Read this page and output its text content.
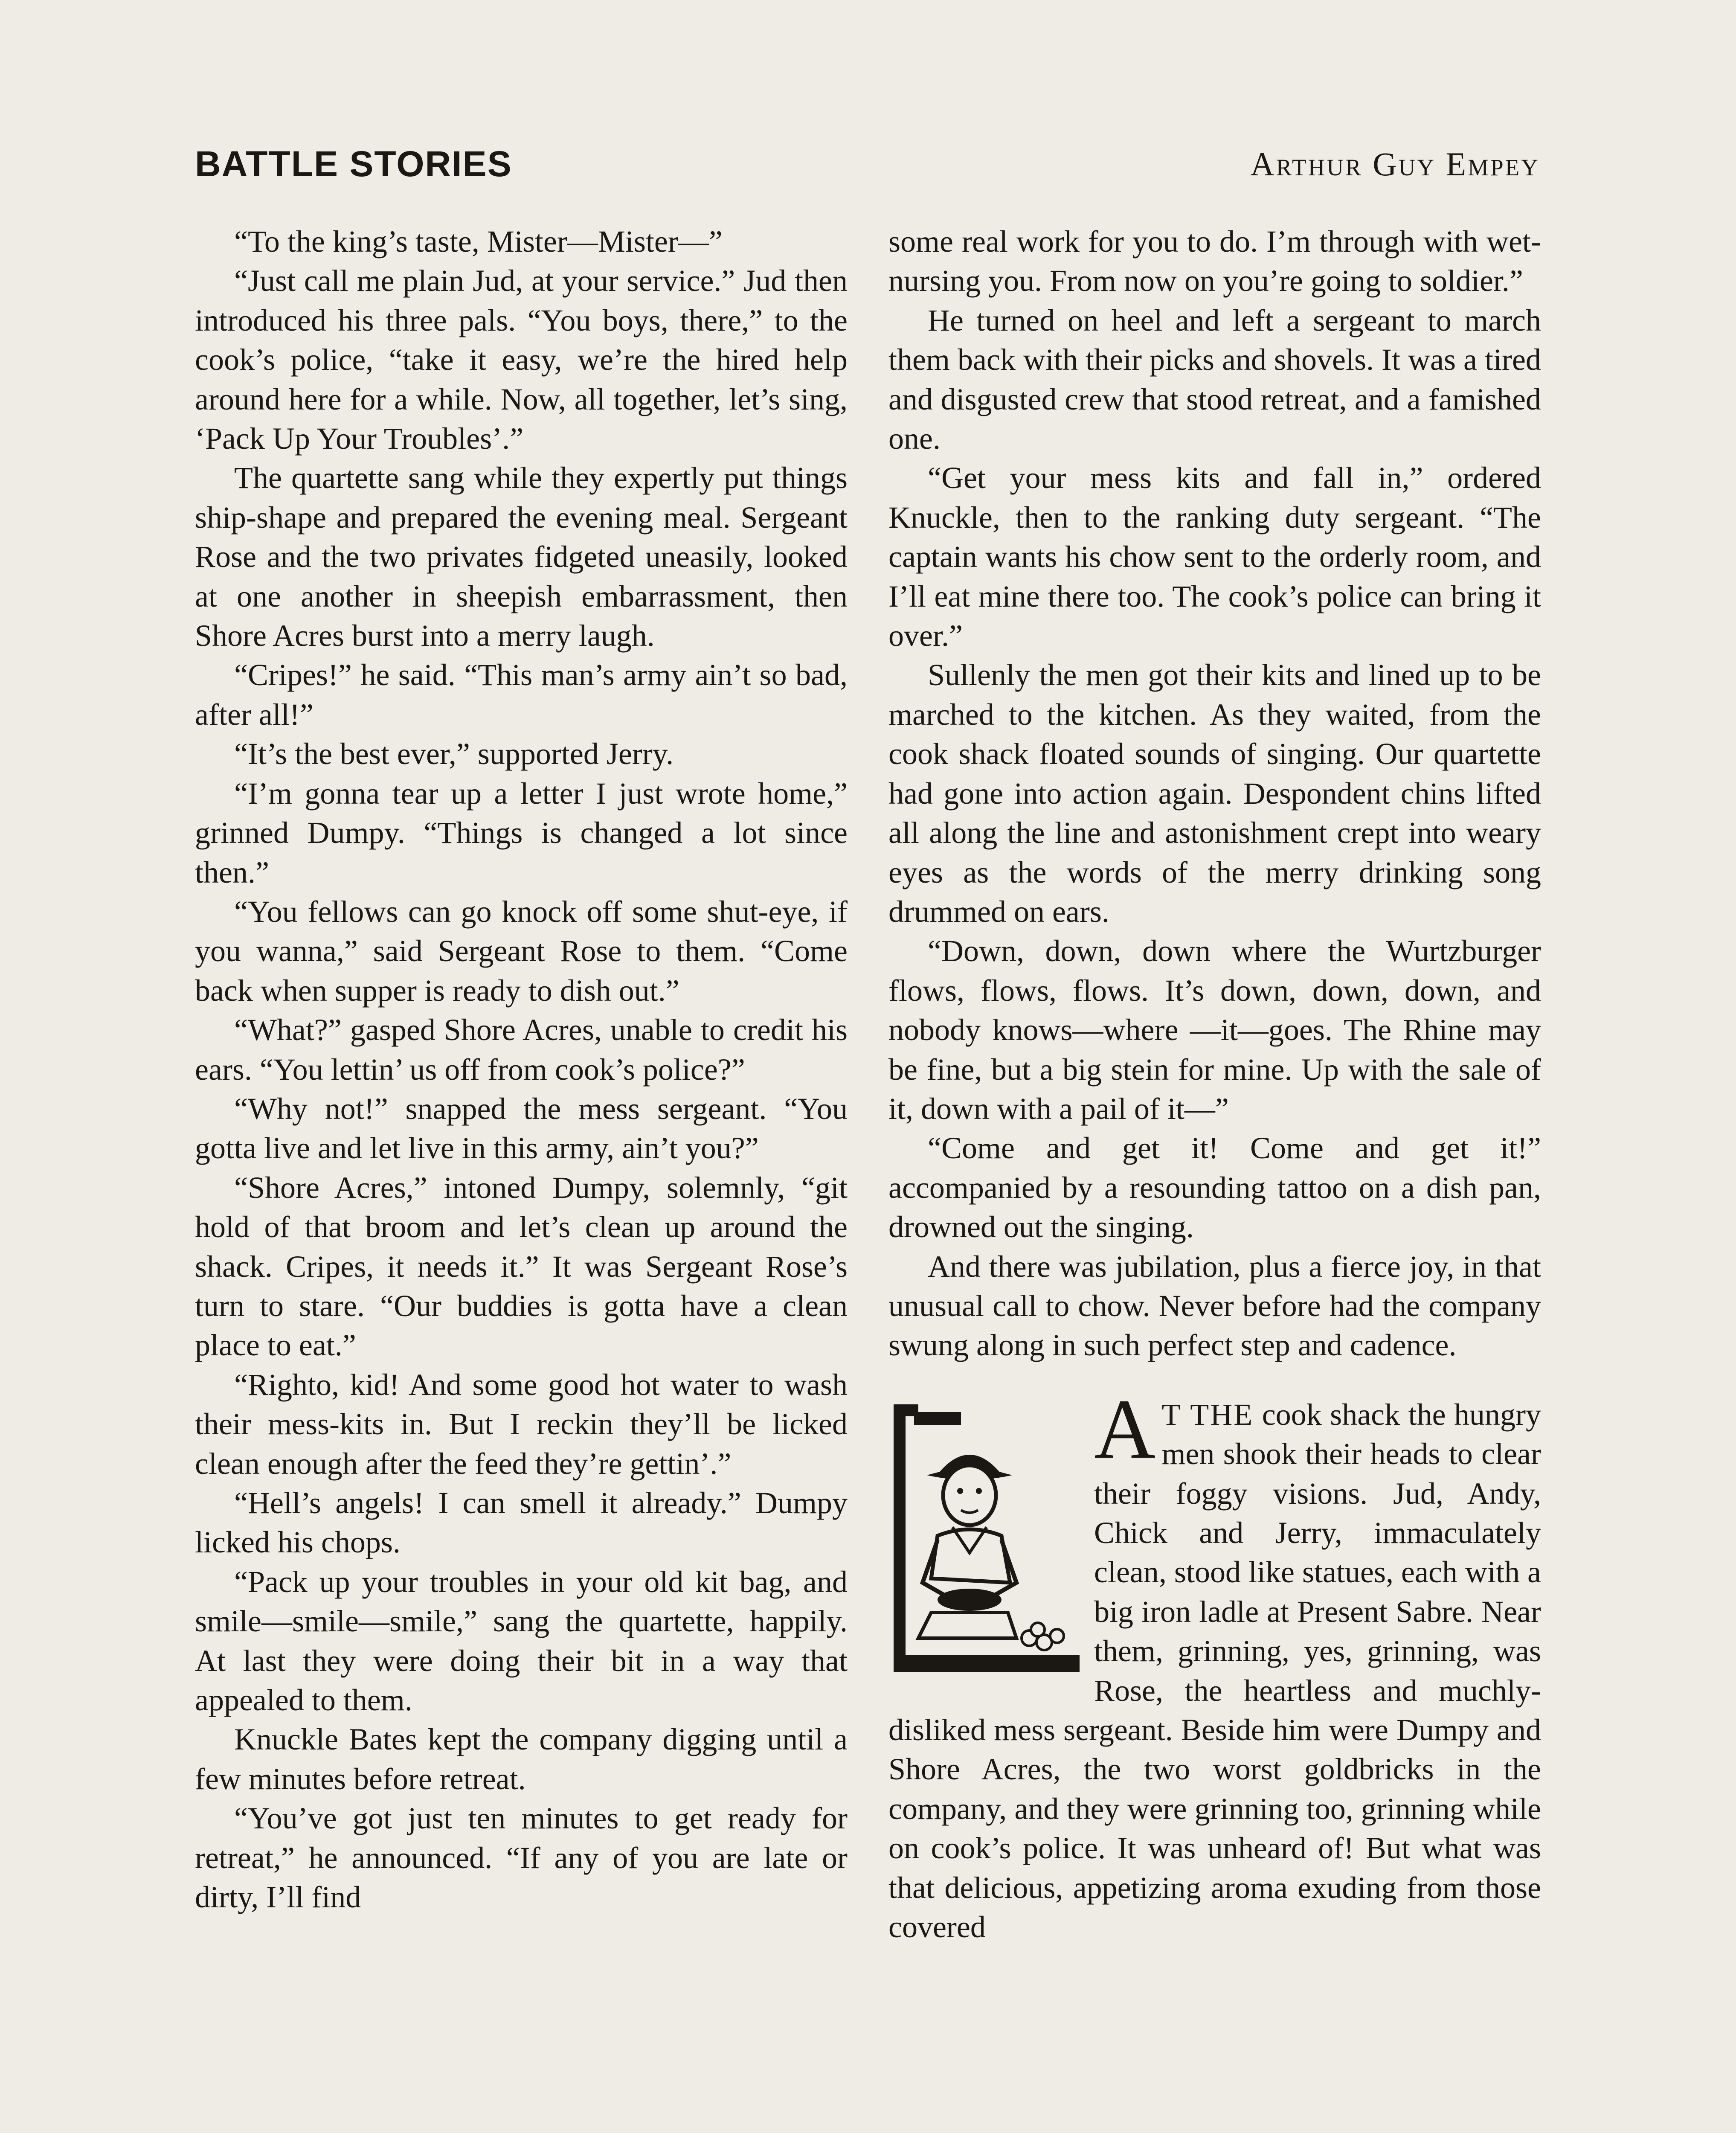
BATTLE STORIES	Arthur Guy Empey

“To the king’s taste, Mister—Mister—”

“Just call me plain Jud, at your service.” Jud then introduced his three pals. “You boys, there,” to the cook’s police, “take it easy, we’re the hired help around here for a while. Now, all together, let’s sing, ‘Pack Up Your Troubles’.”

The quartette sang while they expertly put things ship-shape and prepared the evening meal. Sergeant Rose and the two privates fidgeted uneasily, looked at one another in sheepish embarrassment, then Shore Acres burst into a merry laugh.

“Cripes!” he said. “This man’s army ain’t so bad, after all!”

“It’s the best ever,” supported Jerry.

“I’m gonna tear up a letter I just wrote home,” grinned Dumpy. “Things is changed a lot since then.”

“You fellows can go knock off some shut-eye, if you wanna,” said Sergeant Rose to them. “Come back when supper is ready to dish out.”

“What?” gasped Shore Acres, unable to credit his ears. “You lettin’ us off from cook’s police?”

“Why not!” snapped the mess sergeant. “You gotta live and let live in this army, ain’t you?”

“Shore Acres,” intoned Dumpy, solemnly, “git hold of that broom and let’s clean up around the shack. Cripes, it needs it.” It was Sergeant Rose’s turn to stare. “Our buddies is gotta have a clean place to eat.”

“Righto, kid! And some good hot water to wash their mess-kits in. But I reckin they’ll be licked clean enough after the feed they’re gettin’.”

“Hell’s angels! I can smell it already.” Dumpy licked his chops.

“Pack up your troubles in your old kit bag, and smile—smile—smile,” sang the quartette, happily. At last they were doing their bit in a way that appealed to them.

Knuckle Bates kept the company digging until a few minutes before retreat.

“You’ve got just ten minutes to get ready for retreat,” he announced. “If any of you are late or dirty, I’ll find

some real work for you to do. I’m through with wet-nursing you. From now on you’re going to soldier.”

He turned on heel and left a sergeant to march them back with their picks and shovels. It was a tired and disgusted crew that stood retreat, and a famished one.

“Get your mess kits and fall in,” ordered Knuckle, then to the ranking duty sergeant. “The captain wants his chow sent to the orderly room, and I’ll eat mine there too. The cook’s police can bring it over.”

Sullenly the men got their kits and lined up to be marched to the kitchen. As they waited, from the cook shack floated sounds of singing. Our quartette had gone into action again. Despondent chins lifted all along the line and astonishment crept into weary eyes as the words of the merry drinking song drummed on ears.

“Down, down, down where the Wurtzburger flows, flows, flows. It’s down, down, down, and nobody knows—where —it—goes. The Rhine may be fine, but a big stein for mine. Up with the sale of it, down with a pail of it—”

“Come and get it! Come and get it!” accompanied by a resounding tattoo on a dish pan, drowned out the singing.

And there was jubilation, plus a fierce joy, in that unusual call to chow. Never before had the company swung along in such perfect step and cadence.

A T THE cook shack the hungry men shook their heads to clear their foggy visions. Jud, Andy, Chick and Jerry, immaculately clean, stood like statues, each with a big iron ladle at Present Sabre. Near them, grinning, yes, grinning, was Rose, the heartless and muchly-disliked mess sergeant. Beside him were Dumpy and Shore Acres, the two worst goldbricks in the company, and they were grinning too, grinning while on cook’s police. It was unheard of! But what was that delicious, appetizing aroma exuding from those covered
